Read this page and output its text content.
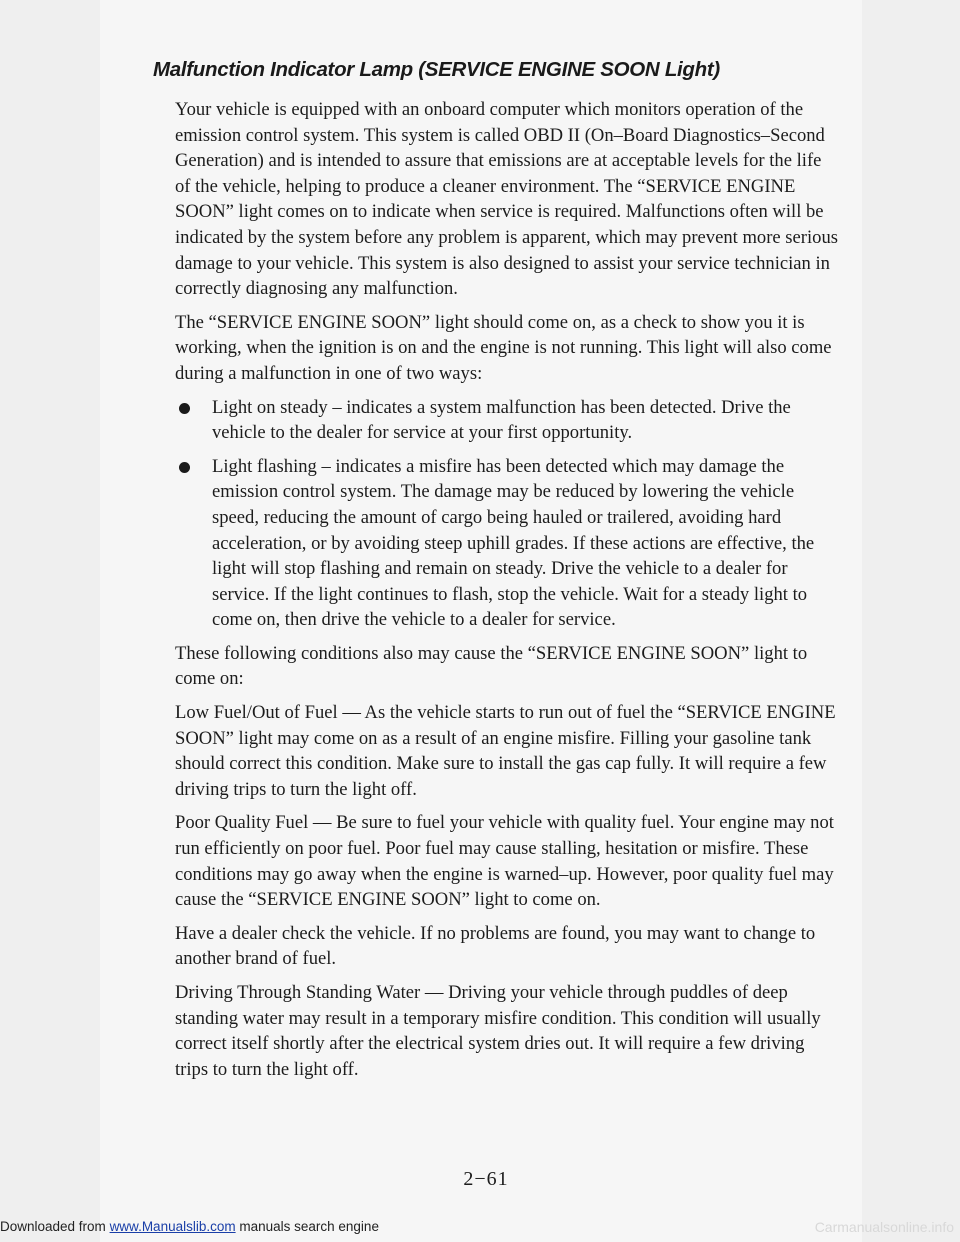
Malfunction Indicator Lamp (SERVICE ENGINE SOON Light)

Your vehicle is equipped with an onboard computer which monitors operation of the emission control system. This system is called OBD II (On–Board Diagnostics–Second Generation) and is intended to assure that emissions are at acceptable levels for the life of the vehicle, helping to produce a cleaner environment. The “SERVICE ENGINE SOON” light comes on to indicate when service is required. Malfunctions often will be indicated by the system before any problem is apparent, which may prevent more serious damage to your vehicle. This system is also designed to assist your service technician in correctly diagnosing any malfunction.

The “SERVICE ENGINE SOON” light should come on, as a check to show you it is working, when the ignition is on and the engine is not running. This light will also come during a malfunction in one of two ways:

Light on steady – indicates a system malfunction has been detected. Drive the vehicle to the dealer for service at your first opportunity.
Light flashing – indicates a misfire has been detected which may damage the emission control system. The damage may be reduced by lowering the vehicle speed, reducing the amount of cargo being hauled or trailered, avoiding hard acceleration, or by avoiding steep uphill grades. If these actions are effective, the light will stop flashing and remain on steady. Drive the vehicle to a dealer for service. If the light continues to flash, stop the vehicle. Wait for a steady light to come on, then drive the vehicle to a dealer for service.

These following conditions also may cause the “SERVICE ENGINE SOON” light to come on:

Low Fuel/Out of Fuel — As the vehicle starts to run out of fuel the “SERVICE ENGINE SOON” light may come on as a result of an engine misfire. Filling your gasoline tank should correct this condition. Make sure to install the gas cap fully. It will require a few driving trips to turn the light off.

Poor Quality Fuel — Be sure to fuel your vehicle with quality fuel. Your engine may not run efficiently on poor fuel. Poor fuel may cause stalling, hesitation or misfire. These conditions may go away when the engine is warned–up. However, poor quality fuel may cause the “SERVICE ENGINE SOON” light to come on.

Have a dealer check the vehicle. If no problems are found, you may want to change to another brand of fuel.

Driving Through Standing Water — Driving your vehicle through puddles of deep standing water may result in a temporary misfire condition. This condition will usually correct itself shortly after the electrical system dries out. It will require a few driving trips to turn the light off.

2−61
Downloaded from www.Manualslib.com manuals search engine	Carmanualsonline.info
